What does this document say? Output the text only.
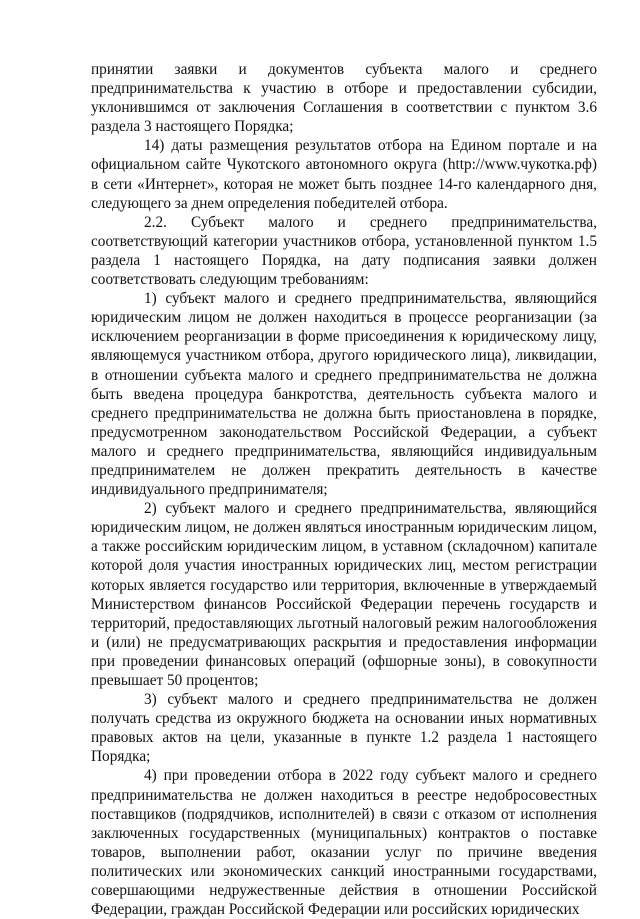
принятии заявки и документов субъекта малого и среднего предпринимательства к участию в отборе и предоставлении субсидии, уклонившимся от заключения Соглашения в соответствии с пунктом 3.6 раздела 3 настоящего Порядка;

14) даты размещения результатов отбора на Едином портале и на официальном сайте Чукотского автономного округа (http://www.чукотка.рф) в сети «Интернет», которая не может быть позднее 14-го календарного дня, следующего за днем определения победителей отбора.

2.2. Субъект малого и среднего предпринимательства, соответствующий категории участников отбора, установленной пунктом 1.5 раздела 1 настоящего Порядка, на дату подписания заявки должен соответствовать следующим требованиям:

1) субъект малого и среднего предпринимательства, являющийся юридическим лицом не должен находиться в процессе реорганизации (за исключением реорганизации в форме присоединения к юридическому лицу, являющемуся участником отбора, другого юридического лица), ликвидации, в отношении субъекта малого и среднего предпринимательства не должна быть введена процедура банкротства, деятельность субъекта малого и среднего предпринимательства не должна быть приостановлена в порядке, предусмотренном законодательством Российской Федерации, а субъект малого и среднего предпринимательства, являющийся индивидуальным предпринимателем не должен прекратить деятельность в качестве индивидуального предпринимателя;

2) субъект малого и среднего предпринимательства, являющийся юридическим лицом, не должен являться иностранным юридическим лицом, а также российским юридическим лицом, в уставном (складочном) капитале которой доля участия иностранных юридических лиц, местом регистрации которых является государство или территория, включенные в утверждаемый Министерством финансов Российской Федерации перечень государств и территорий, предоставляющих льготный налоговый режим налогообложения и (или) не предусматривающих раскрытия и предоставления информации при проведении финансовых операций (офшорные зоны), в совокупности превышает 50 процентов;

3) субъект малого и среднего предпринимательства не должен получать средства из окружного бюджета на основании иных нормативных правовых актов на цели, указанные в пункте 1.2 раздела 1 настоящего Порядка;

4) при проведении отбора в 2022 году субъект малого и среднего предпринимательства не должен находиться в реестре недобросовестных поставщиков (подрядчиков, исполнителей) в связи с отказом от исполнения заключенных государственных (муниципальных) контрактов о поставке товаров, выполнении работ, оказании услуг по причине введения политических или экономических санкций иностранными государствами, совершающими недружественные действия в отношении Российской Федерации, граждан Российской Федерации или российских юридических
